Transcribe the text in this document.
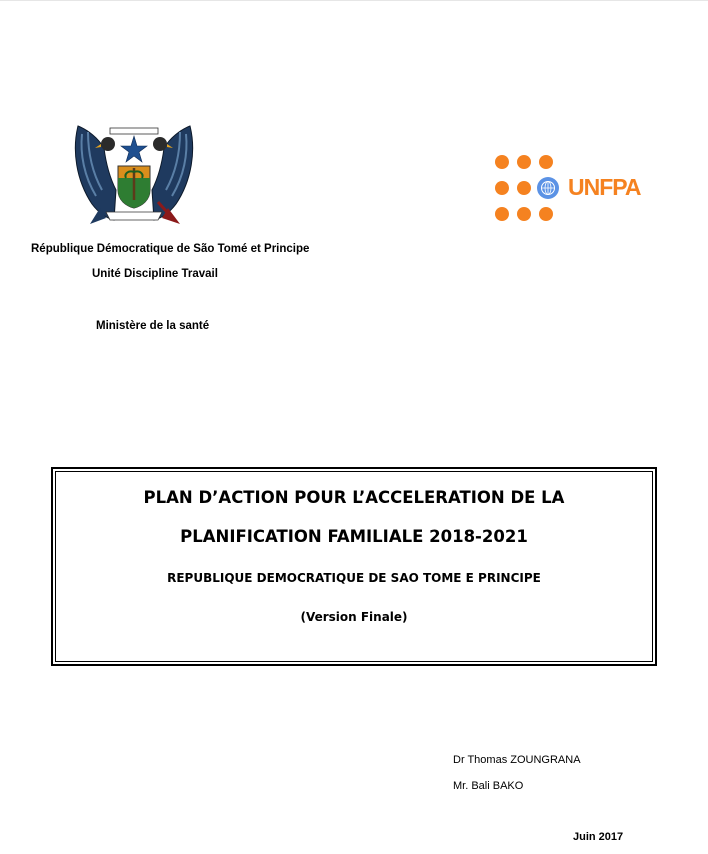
UNFPA
République Démocratique de São Tomé et Principe
Unité Discipline Travail
Ministère de la santé
PLAN D’ACTION POUR L’ACCELERATION DE LA
PLANIFICATION FAMILIALE 2018-2021
REPUBLIQUE DEMOCRATIQUE DE SAO TOME E PRINCIPE
(Version Finale)
Dr Thomas ZOUNGRANA
Mr. Bali BAKO
Juin 2017
